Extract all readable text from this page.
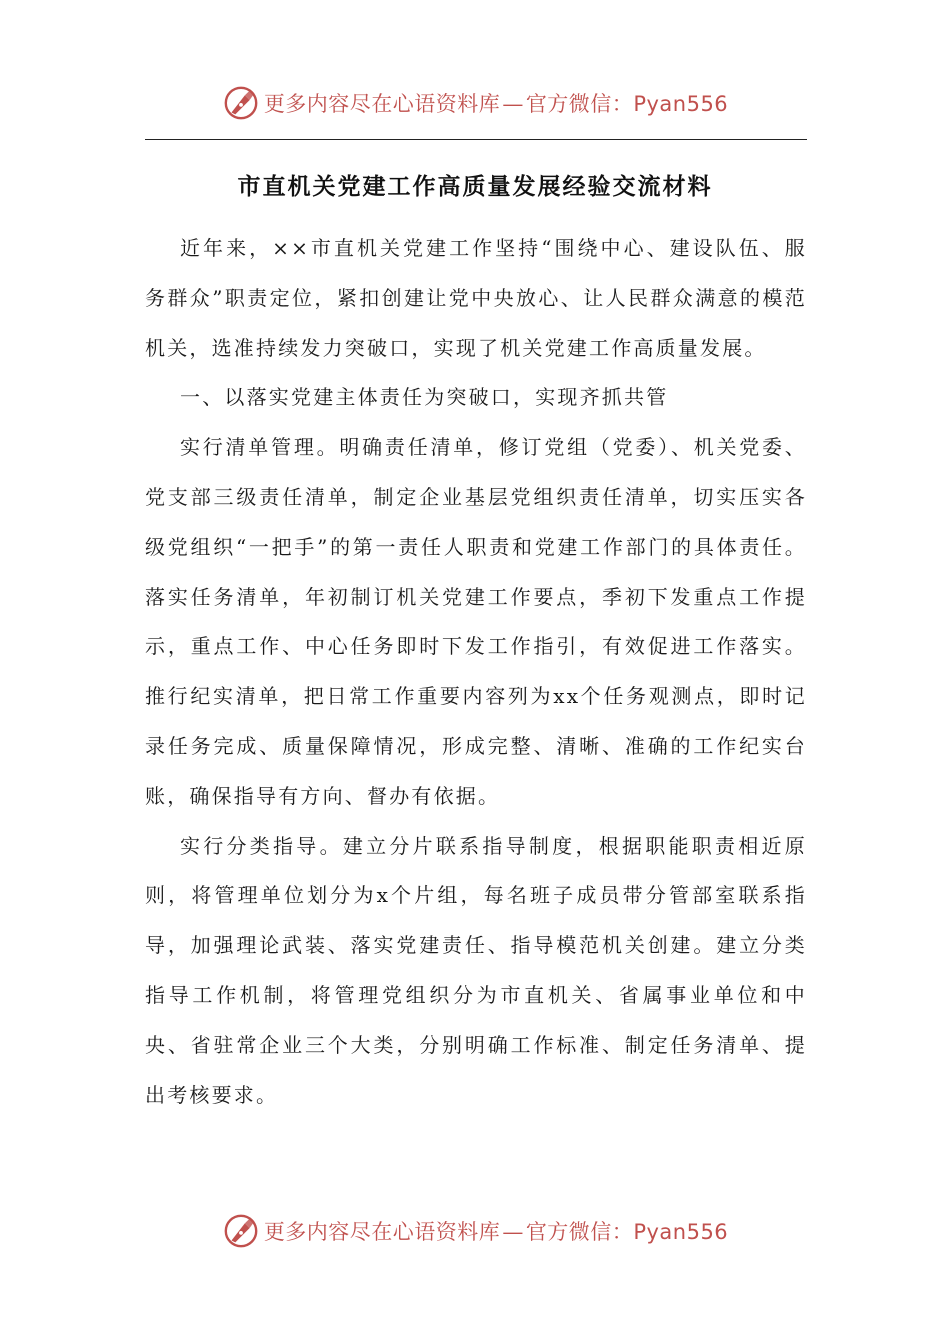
更多内容尽在心语资料库—官方微信：Pyan556
市直机关党建工作高质量发展经验交流材料

近年来，××市直机关党建工作坚持“围绕中心、建设队伍、服务群众”职责定位，紧扣创建让党中央放心、让人民群众满意的模范机关，选准持续发力突破口，实现了机关党建工作高质量发展。

一、以落实党建主体责任为突破口，实现齐抓共管

实行清单管理。明确责任清单，修订党组（党委）、机关党委、党支部三级责任清单，制定企业基层党组织责任清单，切实压实各级党组织“一把手”的第一责任人职责和党建工作部门的具体责任。落实任务清单，年初制订机关党建工作要点，季初下发重点工作提示，重点工作、中心任务即时下发工作指引，有效促进工作落实。推行纪实清单，把日常工作重要内容列为xx个任务观测点，即时记录任务完成、质量保障情况，形成完整、清晰、准确的工作纪实台账，确保指导有方向、督办有依据。

实行分类指导。建立分片联系指导制度，根据职能职责相近原则，将管理单位划分为x个片组，每名班子成员带分管部室联系指导，加强理论武装、落实党建责任、指导模范机关创建。建立分类指导工作机制，将管理党组织分为市直机关、省属事业单位和中央、省驻常企业三个大类，分别明确工作标准、制定任务清单、提出考核要求。

更多内容尽在心语资料库—官方微信：Pyan556
